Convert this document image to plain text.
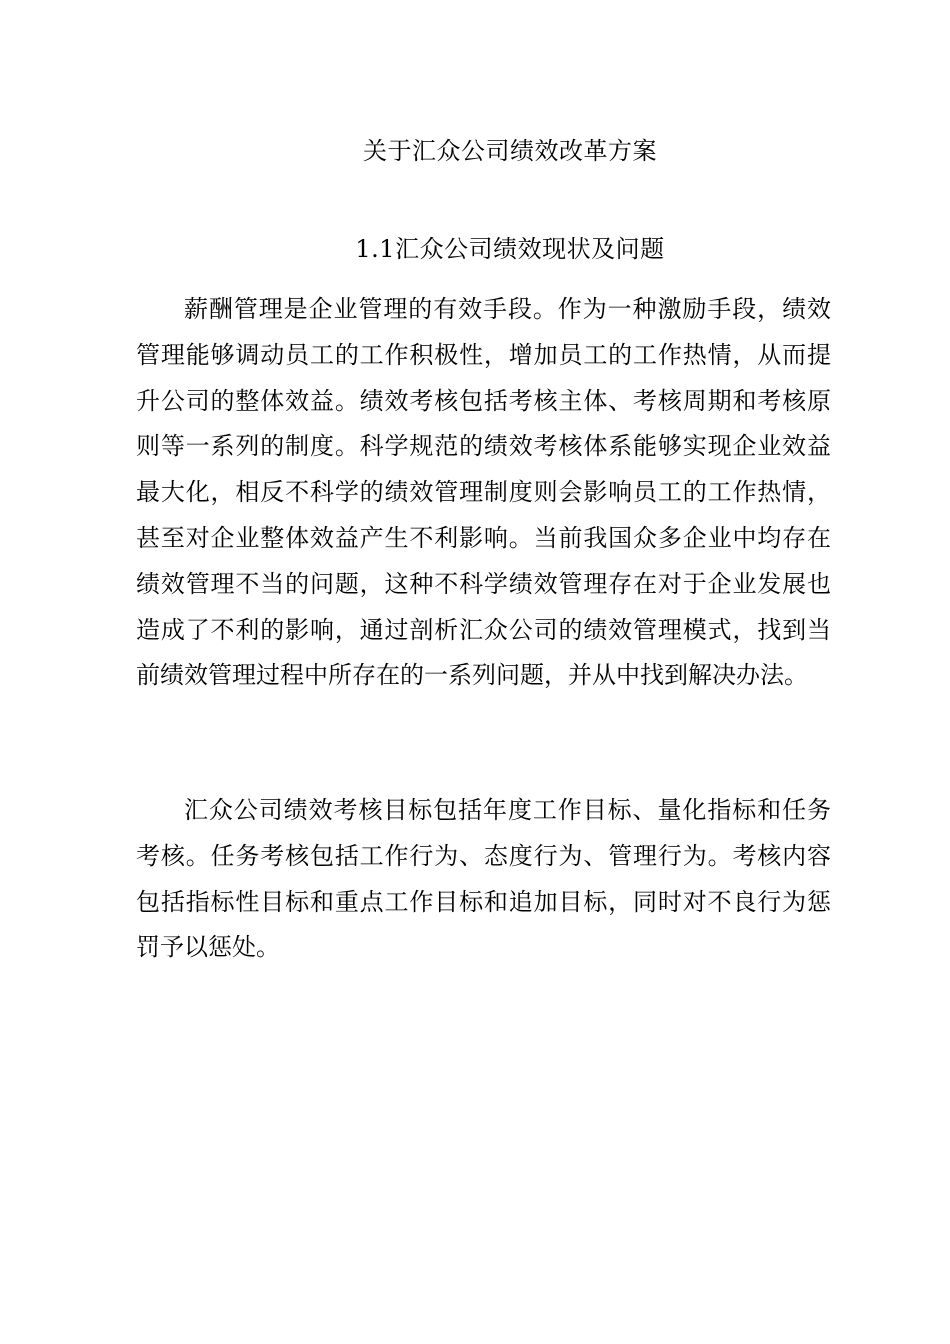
关于汇众公司绩效改革方案
1.1汇众公司绩效现状及问题

薪酬管理是企业管理的有效手段。作为一种激励手段，绩效管理能够调动员工的工作积极性，增加员工的工作热情，从而提升公司的整体效益。绩效考核包括考核主体、考核周期和考核原则等一系列的制度。科学规范的绩效考核体系能够实现企业效益最大化，相反不科学的绩效管理制度则会影响员工的工作热情，甚至对企业整体效益产生不利影响。当前我国众多企业中均存在绩效管理不当的问题，这种不科学绩效管理存在对于企业发展也造成了不利的影响，通过剖析汇众公司的绩效管理模式，找到当前绩效管理过程中所存在的一系列问题，并从中找到解决办法。

汇众公司绩效考核目标包括年度工作目标、量化指标和任务考核。任务考核包括工作行为、态度行为、管理行为。考核内容包括指标性目标和重点工作目标和追加目标，同时对不良行为惩罚予以惩处。
